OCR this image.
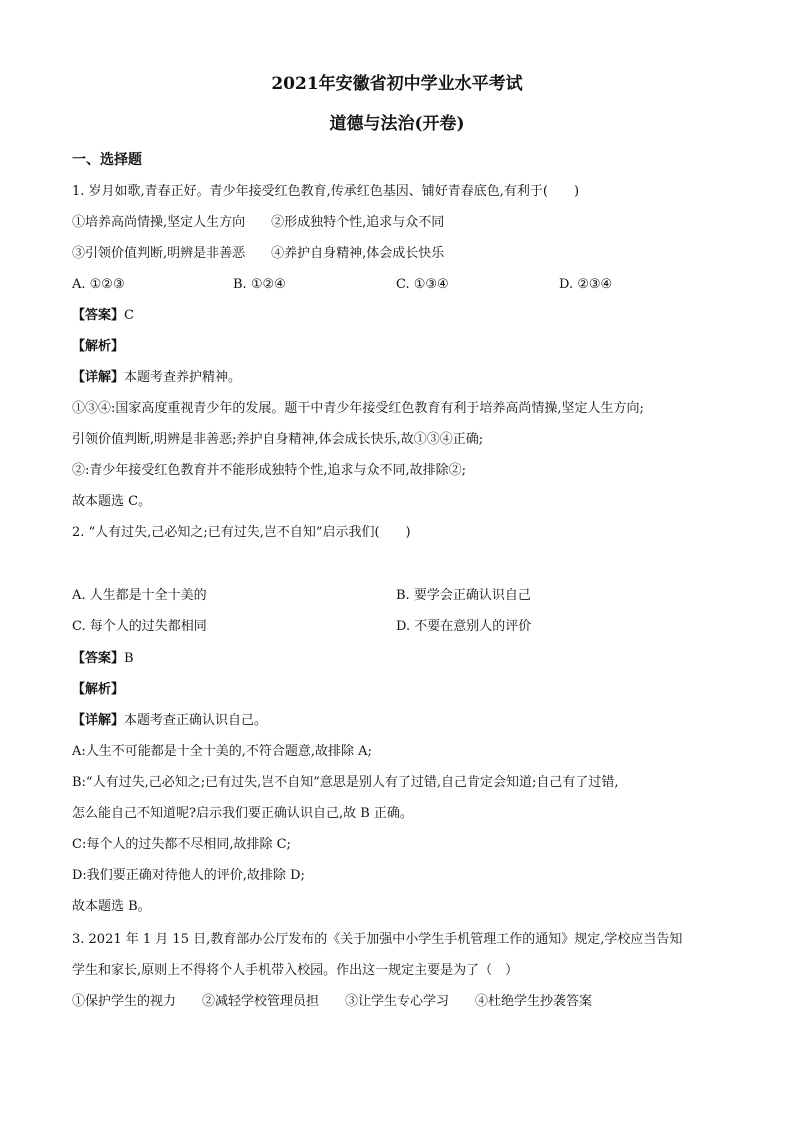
2021年安徽省初中学业水平考试
道德与法治(开卷)
一、选择题
1. 岁月如歌,青春正好。青少年接受红色教育,传承红色基因、铺好青春底色,有利于(　　)
①培养高尚情操,坚定人生方向　　②形成独特个性,追求与众不同
③引领价值判断,明辨是非善恶　　④养护自身精神,体会成长快乐
A. ①②③	B. ①②④	C. ①③④	D. ②③④
【答案】C
【解析】
【详解】本题考查养护精神。
①③④:国家高度重视青少年的发展。题干中青少年接受红色教育有利于培养高尚情操,坚定人生方向;
引领价值判断,明辨是非善恶;养护自身精神,体会成长快乐,故①③④正确;
②:青少年接受红色教育并不能形成独特个性,追求与众不同,故排除②;
故本题选 C。
2. “人有过失,己必知之;已有过失,岂不自知”启示我们(　　)
A. 人生都是十全十美的	B. 要学会正确认识自己
C. 每个人的过失都相同	D. 不要在意别人的评价
【答案】B
【解析】
【详解】本题考查正确认识自己。
A:人生不可能都是十全十美的,不符合题意,故排除 A;
B:“人有过失,己必知之;已有过失,岂不自知”意思是别人有了过错,自己肯定会知道;自己有了过错,
怎么能自己不知道呢?启示我们要正确认识自己,故 B 正确。
C:每个人的过失都不尽相同,故排除 C;
D:我们要正确对待他人的评价,故排除 D;
故本题选 B。
3. 2021 年 1 月 15 日,教育部办公厅发布的《关于加强中小学生手机管理工作的通知》规定,学校应当告知
学生和家长,原则上不得将个人手机带入校园。作出这一规定主要是为了（　）
①保护学生的视力　　②减轻学校管理员担　　③让学生专心学习　　④杜绝学生抄袭答案
